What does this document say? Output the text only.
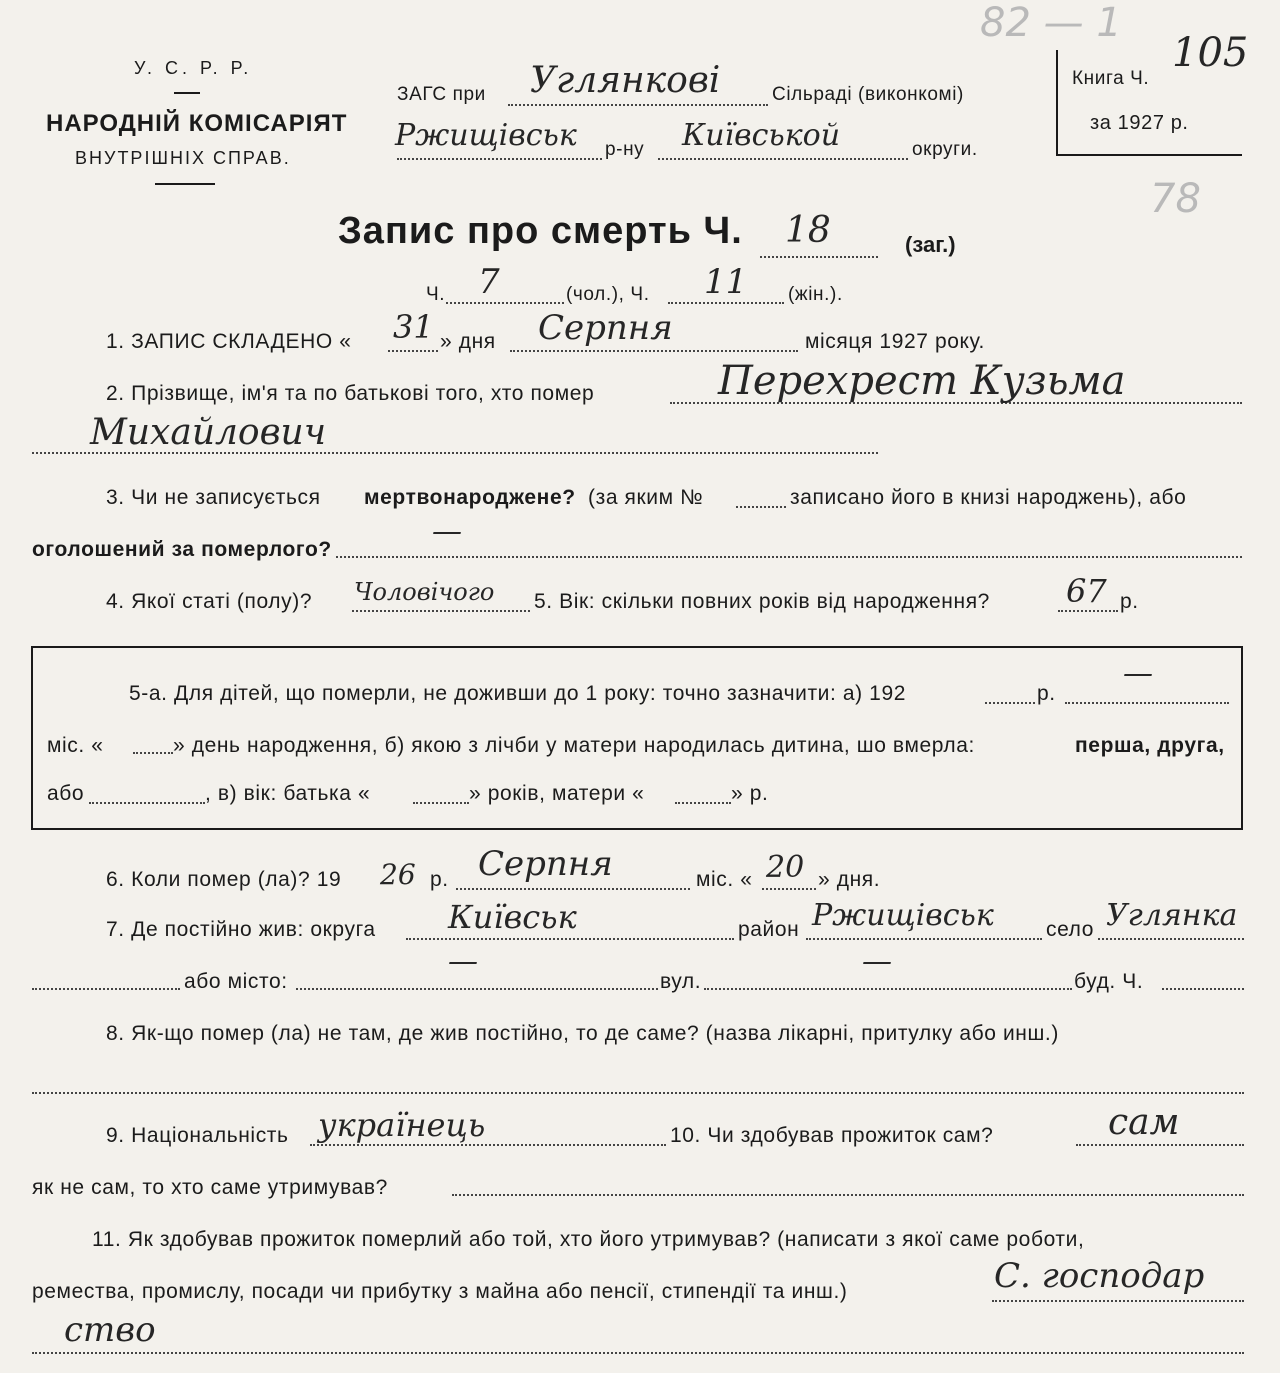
У. С. Р. Р.
НАРОДНІЙ КОМІСАРІЯТ
ВНУТРІШНІХ СПРАВ.
ЗАГС при Углянкові	Сільраді (виконкомі)
Ржищівськ р-ну Київськой	округи.
Книга Ч.
105
за 1927 р.
82 — 1
78
Запис про смерть Ч. 18	(заг.)
Ч. 7	(чол.), Ч. 11 (жін.).
1. ЗАПИС СКЛАДЕНО « 31 » дня Серпня	місяця 1927 року.
2. Прізвище, ім'я та по батькові того, хто помер	Перехрест Кузьма
Михайлович
3. Чи не записується мертвонароджене? (за яким №	записано його в книзі народжень), або
оголошений за померлого?
—
4. Якої статі (полу)? Чоловічого 5. Вік: скільки повних років від народження? 67 р.
5-а. Для дітей, що померли, не доживши до 1 року: точно зазначити: а) 192	р.
—
міс. «	» день народження, б) якою з лічби у матери народилась дитина, шо вмерла:	перша, друга,
або	, в) вік: батька «	» років, матери «	» р.
6. Коли помер (ла)? 19 26 р. Серпня	міс. « 20 » дня.
7. Де постійно жив: округа Київськ	район Ржищівськ село Углянка
або місто:
—
вул.
—
буд. Ч.
8. Як-що помер (ла) не там, де жив постійно, то де саме? (назва лікарні, притулку або инш.)
9. Національність українець	10. Чи здобував прожиток сам?	сам
як не сам, то хто саме утримував?
11. Як здобував прожиток померлий або той, хто його утримував? (написати з якої саме роботи,
ремества, промислу, посади чи прибутку з майна або пенсії, стипендії та инш.)	С. господар
ство
